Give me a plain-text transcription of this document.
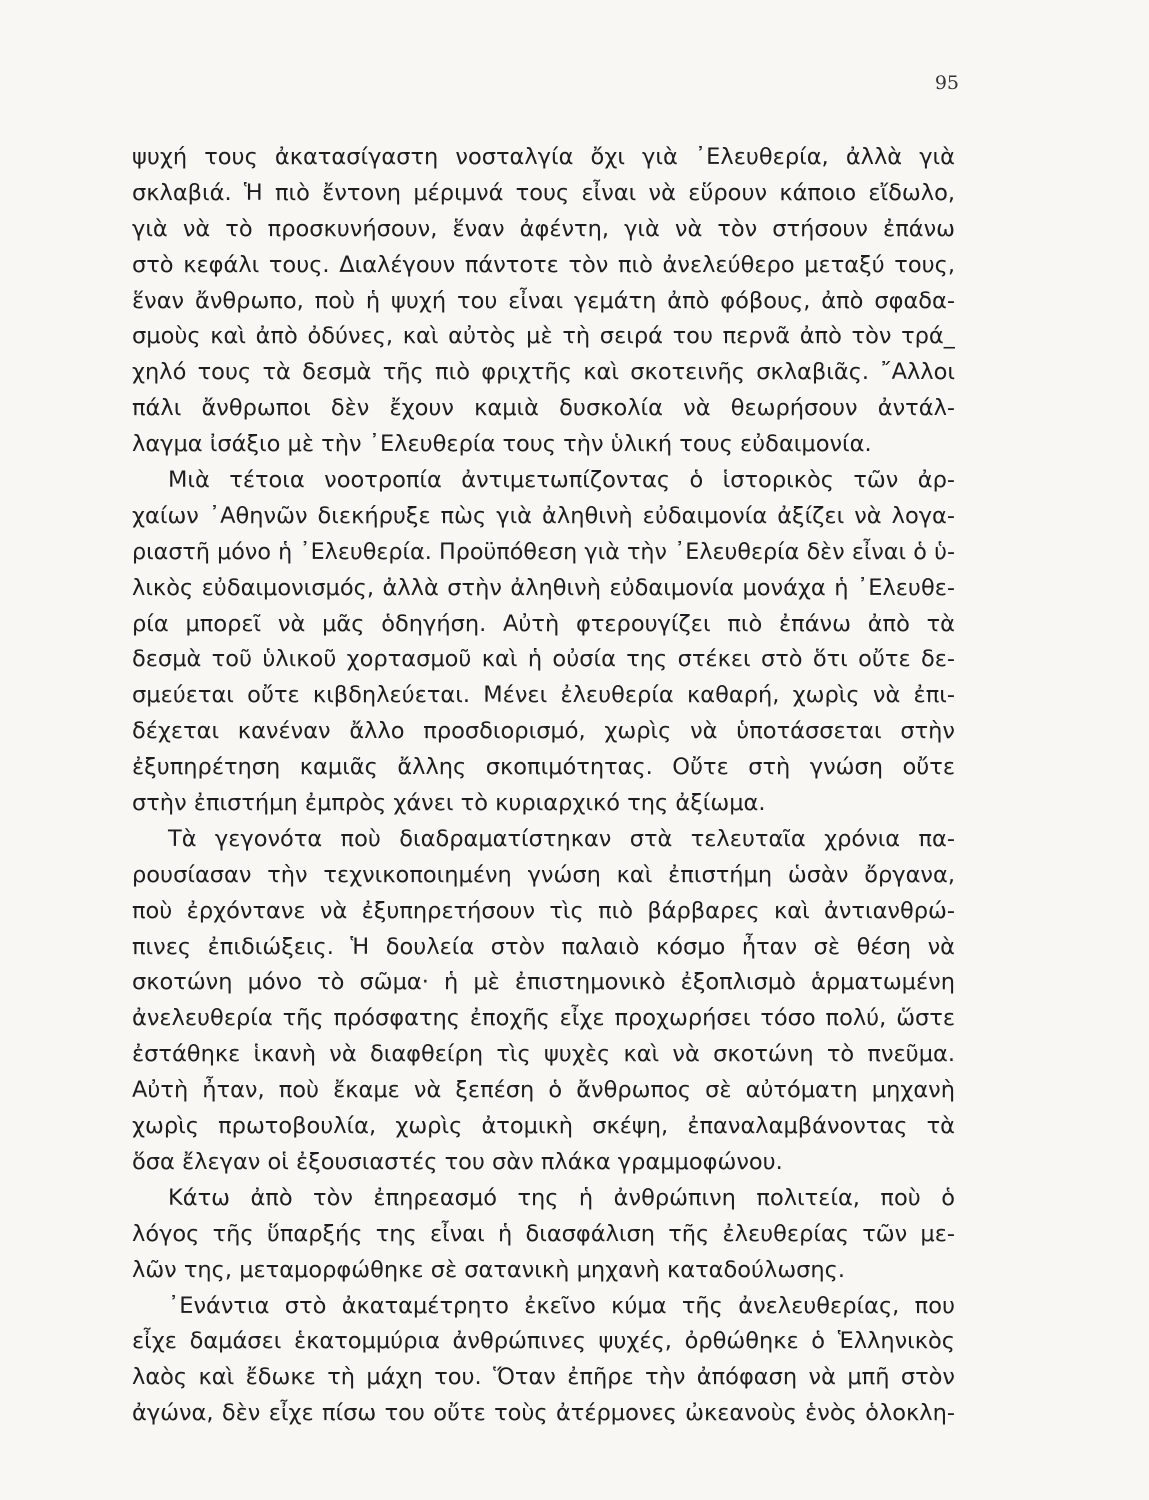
95
ψυχή τους ἀκατασίγαστη νοσταλγία ὄχι γιὰ ᾿Ελευθερία, ἀλλὰ γιὰ
σκλαβιά. Ἡ πιὸ ἔντονη μέριμνά τους εἶναι νὰ εὕρουν κάποιο εἴδωλο,
γιὰ νὰ τὸ προσκυνήσουν, ἕναν ἀφέντη, γιὰ νὰ τὸν στήσουν ἐπάνω
στὸ κεφάλι τους. Διαλέγουν πάντοτε τὸν πιὸ ἀνελεύθερο μεταξύ τους,
ἕναν ἄνθρωπο, ποὺ ἡ ψυχή του εἶναι γεμάτη ἀπὸ φόβους, ἀπὸ σφαδα-
σμοὺς καὶ ἀπὸ ὀδύνες, καὶ αὐτὸς μὲ τὴ σειρά του περνᾶ ἀπὸ τὸν τρά_
χηλό τους τὰ δεσμὰ τῆς πιὸ φριχτῆς καὶ σκοτεινῆς σκλαβιᾶς. ῎Αλλοι
πάλι ἄνθρωποι δὲν ἔχουν καμιὰ δυσκολία νὰ θεωρήσουν ἀντάλ-
λαγμα ἰσάξιο μὲ τὴν ᾿Ελευθερία τους τὴν ὑλική τους εὐδαιμονία.
Μιὰ τέτοια νοοτροπία ἀντιμετωπίζοντας ὁ ἱστορικὸς τῶν ἀρ-
χαίων ᾿Αθηνῶν διεκήρυξε πὼς γιὰ ἀληθινὴ εὐδαιμονία ἀξίζει νὰ λογα-
ριαστῆ μόνο ἡ ᾿Ελευθερία. Προϋπόθεση γιὰ τὴν ᾿Ελευθερία δὲν εἶναι ὁ ὑ-
λικὸς εὐδαιμονισμός, ἀλλὰ στὴν ἀληθινὴ εὐδαιμονία μονάχα ἡ ᾿Ελευθε-
ρία μπορεῖ νὰ μᾶς ὁδηγήση. Αὐτὴ φτερουγίζει πιὸ ἐπάνω ἀπὸ τὰ
δεσμὰ τοῦ ὑλικοῦ χορτασμοῦ καὶ ἡ οὐσία της στέκει στὸ ὅτι οὔτε δε-
σμεύεται οὔτε κιβδηλεύεται. Μένει ἐλευθερία καθαρή, χωρὶς νὰ ἐπι-
δέχεται κανέναν ἄλλο προσδιορισμό, χωρὶς νὰ ὑποτάσσεται στὴν
ἐξυπηρέτηση καμιᾶς ἄλλης σκοπιμότητας. Οὔτε στὴ γνώση οὔτε
στὴν ἐπιστήμη ἐμπρὸς χάνει τὸ κυριαρχικό της ἀξίωμα.
Τὰ γεγονότα ποὺ διαδραματίστηκαν στὰ τελευταῖα χρόνια πα-
ρουσίασαν τὴν τεχνικοποιημένη γνώση καὶ ἐπιστήμη ὡσὰν ὄργανα,
ποὺ ἐρχόντανε νὰ ἐξυπηρετήσουν τὶς πιὸ βάρβαρες καὶ ἀντιανθρώ-
πινες ἐπιδιώξεις. Ἡ δουλεία στὸν παλαιὸ κόσμο ἦταν σὲ θέση νὰ
σκοτώνη μόνο τὸ σῶμα· ἡ μὲ ἐπιστημονικὸ ἐξοπλισμὸ ἁρματωμένη
ἀνελευθερία τῆς πρόσφατης ἐποχῆς εἶχε προχωρήσει τόσο πολύ, ὥστε
ἐστάθηκε ἱκανὴ νὰ διαφθείρη τὶς ψυχὲς καὶ νὰ σκοτώνη τὸ πνεῦμα.
Αὐτὴ ἦταν, ποὺ ἔκαμε νὰ ξεπέση ὁ ἄνθρωπος σὲ αὐτόματη μηχανὴ
χωρὶς πρωτοβουλία, χωρὶς ἀτομικὴ σκέψη, ἐπαναλαμβάνοντας τὰ
ὅσα ἔλεγαν οἱ ἐξουσιαστές του σὰν πλάκα γραμμοφώνου.
Κάτω ἀπὸ τὸν ἐπηρεασμό της ἡ ἀνθρώπινη πολιτεία, ποὺ ὁ
λόγος τῆς ὕπαρξής της εἶναι ἡ διασφάλιση τῆς ἐλευθερίας τῶν με-
λῶν της, μεταμορφώθηκε σὲ σατανικὴ μηχανὴ καταδούλωσης.
᾿Ενάντια στὸ ἀκαταμέτρητο ἐκεῖνο κύμα τῆς ἀνελευθερίας, που
εἶχε δαμάσει ἑκατομμύρια ἀνθρώπινες ψυχές, ὀρθώθηκε ὁ Ἑλληνικὸς
λαὸς καὶ ἔδωκε τὴ μάχη του. Ὅταν ἐπῆρε τὴν ἀπόφαση νὰ μπῆ στὸν
ἀγώνα, δὲν εἶχε πίσω του οὔτε τοὺς ἀτέρμονες ὠκεανοὺς ἑνὸς ὁλοκλη-
